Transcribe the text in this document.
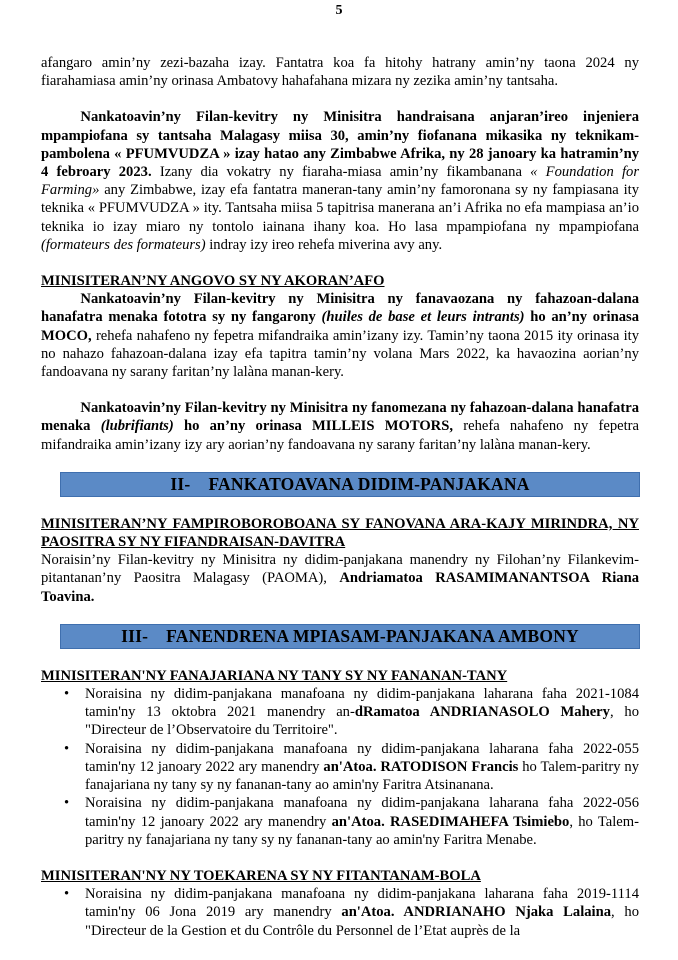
5

afangaro amin’ny zezi-bazaha izay. Fantatra koa fa hitohy hatrany amin’ny taona 2024 ny fiarahamiasa amin’ny orinasa Ambatovy hahafahana mizara ny zezika amin’ny tantsaha.

Nankatoavin’ny Filan-kevitry ny Minisitra handraisana anjaran’ireo injeniera mpampiofana sy tantsaha Malagasy miisa 30, amin’ny fiofanana mikasika ny teknikam-pambolena « PFUMVUDZA » izay hatao any Zimbabwe Afrika, ny 28 janoary ka hatramin’ny 4 febroary 2023. Izany dia vokatry ny fiaraha-miasa amin’ny fikambanana « Foundation for Farming» any Zimbabwe, izay efa fantatra maneran-tany amin’ny famoronana sy ny fampiasana ity teknika « PFUMVUDZA » ity. Tantsaha miisa 5 tapitrisa manerana an’i Afrika no efa mampiasa an’io teknika io izay miaro ny tontolo iainana ihany koa. Ho lasa mpampiofana ny mpampiofana (formateurs des formateurs) indray izy ireo rehefa miverina avy any.

MINISITERAN’NY ANGOVO SY NY AKORAN’AFO

Nankatoavin’ny Filan-kevitry ny Minisitra ny fanavaozana ny fahazoan-dalana hanafatra menaka fototra sy ny fangarony (huiles de base et leurs intrants) ho an’ny orinasa MOCO, rehefa nahafeno ny fepetra mifandraika amin’izany izy. Tamin’ny taona 2015 ity orinasa ity no nahazo fahazoan-dalana izay efa tapitra tamin’ny volana Mars 2022, ka havaozina aorian’ny fandoavana ny sarany faritan’ny lalàna manan-kery.

Nankatoavin’ny Filan-kevitry ny Minisitra ny fanomezana ny fahazoan-dalana hanafatra menaka (lubrifiants) ho an’ny orinasa MILLEIS MOTORS, rehefa nahafeno ny fepetra mifandraika amin’izany izy ary aorian’ny fandoavana ny sarany faritan’ny lalàna manan-kery.

II- FANKATOAVANA DIDIM-PANJAKANA

MINISITERAN’NY FAMPIROBOROBOANA SY FANOVANA ARA-KAJY MIRINDRA, NY PAOSITRA SY NY FIFANDRAISAN-DAVITRA

Noraisin’ny Filan-kevitry ny Minisitra ny didim-panjakana manendry ny Filohan’ny Filankevim-pitantanan’ny Paositra Malagasy (PAOMA), Andriamatoa RASAMIMANANTSOA Riana Toavina.

III- FANENDRENA MPIASAM-PANJAKANA AMBONY

MINISITERAN'NY FANAJARIANA NY TANY SY NY FANANAN-TANY

• Noraisina ny didim-panjakana manafoana ny didim-panjakana laharana faha 2021-1084 tamin'ny 13 oktobra 2021 manendry an-dRamatoa ANDRIANASOLO Mahery, ho "Directeur de l’Observatoire du Territoire".
• Noraisina ny didim-panjakana manafoana ny didim-panjakana laharana faha 2022-055 tamin'ny 12 janoary 2022 ary manendry an'Atoa. RATODISON Francis ho Talem-paritry ny fanajariana ny tany sy ny fananan-tany ao amin'ny Faritra Atsinanana.
• Noraisina ny didim-panjakana manafoana ny didim-panjakana laharana faha 2022-056 tamin'ny 12 janoary 2022 ary manendry an'Atoa. RASEDIMAHEFA Tsimiebo, ho Talem-paritry ny fanajariana ny tany sy ny fananan-tany ao amin'ny Faritra Menabe.

MINISITERAN'NY NY TOEKARENA SY NY FITANTANAM-BOLA

• Noraisina ny didim-panjakana manafoana ny didim-panjakana laharana faha 2019-1114 tamin'ny 06 Jona 2019 ary manendry an'Atoa. ANDRIANAHO Njaka Lalaina, ho "Directeur de la Gestion et du Contrôle du Personnel de l’Etat auprès de la
